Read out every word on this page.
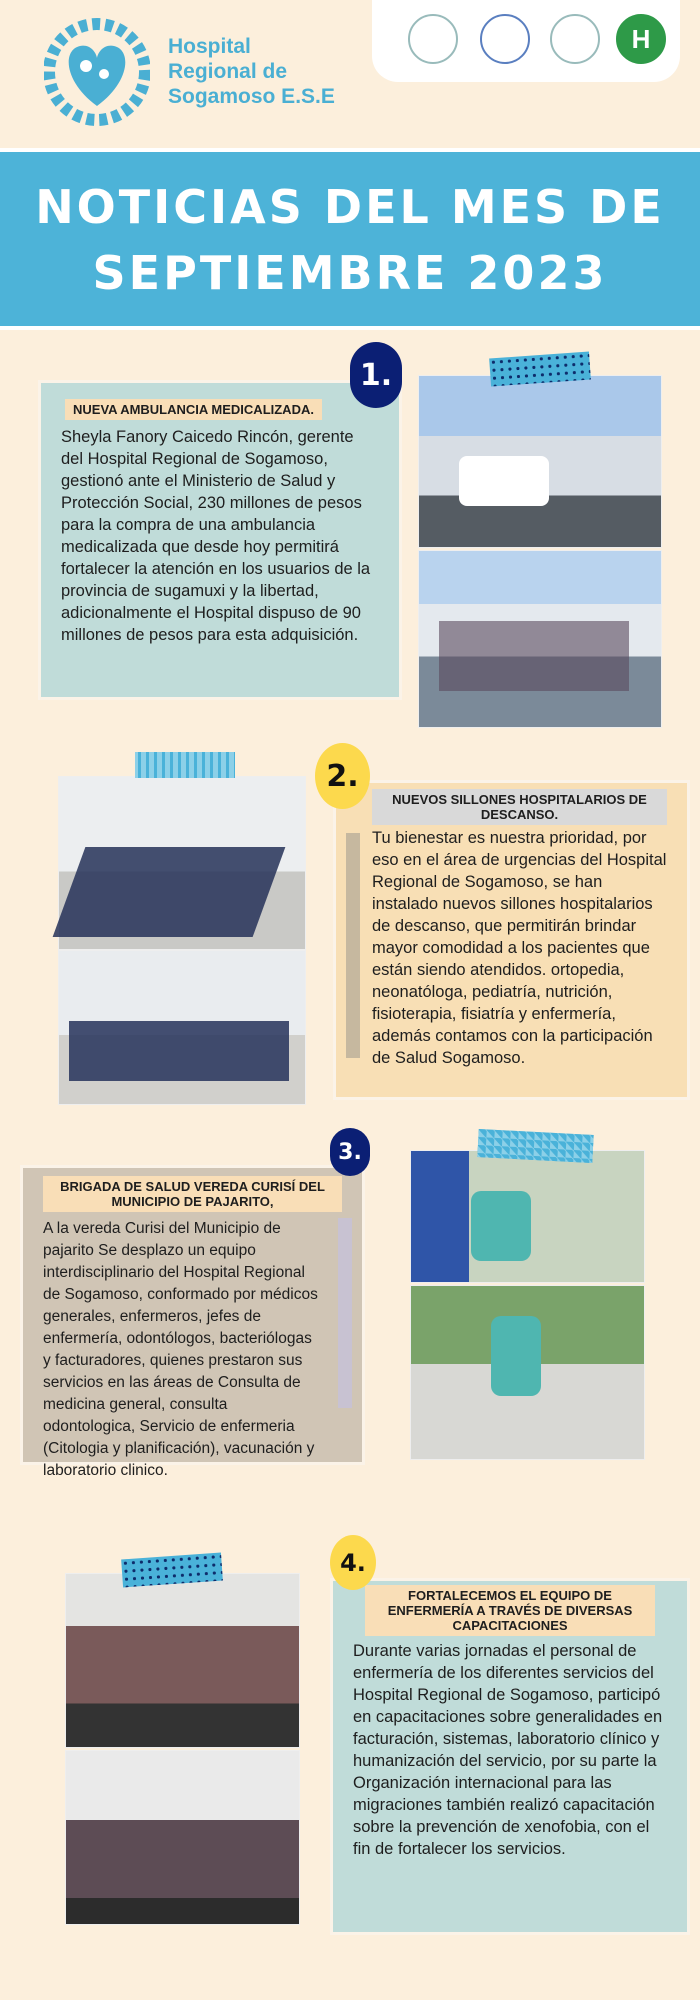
Hospital
Regional de
Sogamoso E.S.E
H
NOTICIAS DEL MES DE
SEPTIEMBRE 2023
NUEVA AMBULANCIA MEDICALIZADA.
Sheyla Fanory Caicedo Rincón, gerente del Hospital Regional de Sogamoso, gestionó ante el Ministerio de Salud y Protección Social, 230 millones de pesos para la compra de una ambulancia medicalizada que desde hoy permitirá fortalecer la atención en los usuarios de la provincia de sugamuxi y la libertad, adicionalmente el Hospital dispuso de 90 millones de pesos para esta adquisición.
1.
NUEVOS SILLONES HOSPITALARIOS DE DESCANSO.
Tu bienestar es nuestra prioridad, por eso en el área de urgencias del Hospital Regional de Sogamoso, se han instalado nuevos sillones hospitalarios de descanso, que permitirán brindar mayor comodidad a los pacientes que están siendo atendidos. ortopedia, neonatóloga, pediatría, nutrición, fisioterapia, fisiatría y enfermería, además contamos con la participación de Salud Sogamoso.
2.
BRIGADA DE SALUD VEREDA CURISÍ DEL MUNICIPIO DE PAJARITO,
A la vereda Curisi del Municipio de pajarito Se desplazo un equipo interdisciplinario del Hospital Regional de Sogamoso, conformado por médicos generales, enfermeros, jefes de enfermería, odontólogos, bacteriólogas y facturadores, quienes prestaron sus servicios en las áreas de Consulta de medicina general, consulta odontologica, Servicio de enfermeria (Citologia y planificación), vacunación y laboratorio clinico.
3.
FORTALECEMOS EL EQUIPO DE ENFERMERÍA A TRAVÉS DE DIVERSAS CAPACITACIONES
Durante varias jornadas el personal de enfermería de los diferentes servicios del Hospital Regional de Sogamoso, participó en capacitaciones sobre generalidades en facturación, sistemas, laboratorio clínico y humanización del servicio, por su parte la Organización internacional para las migraciones también realizó capacitación sobre la prevención de xenofobia, con el fin de fortalecer los servicios.
4.
